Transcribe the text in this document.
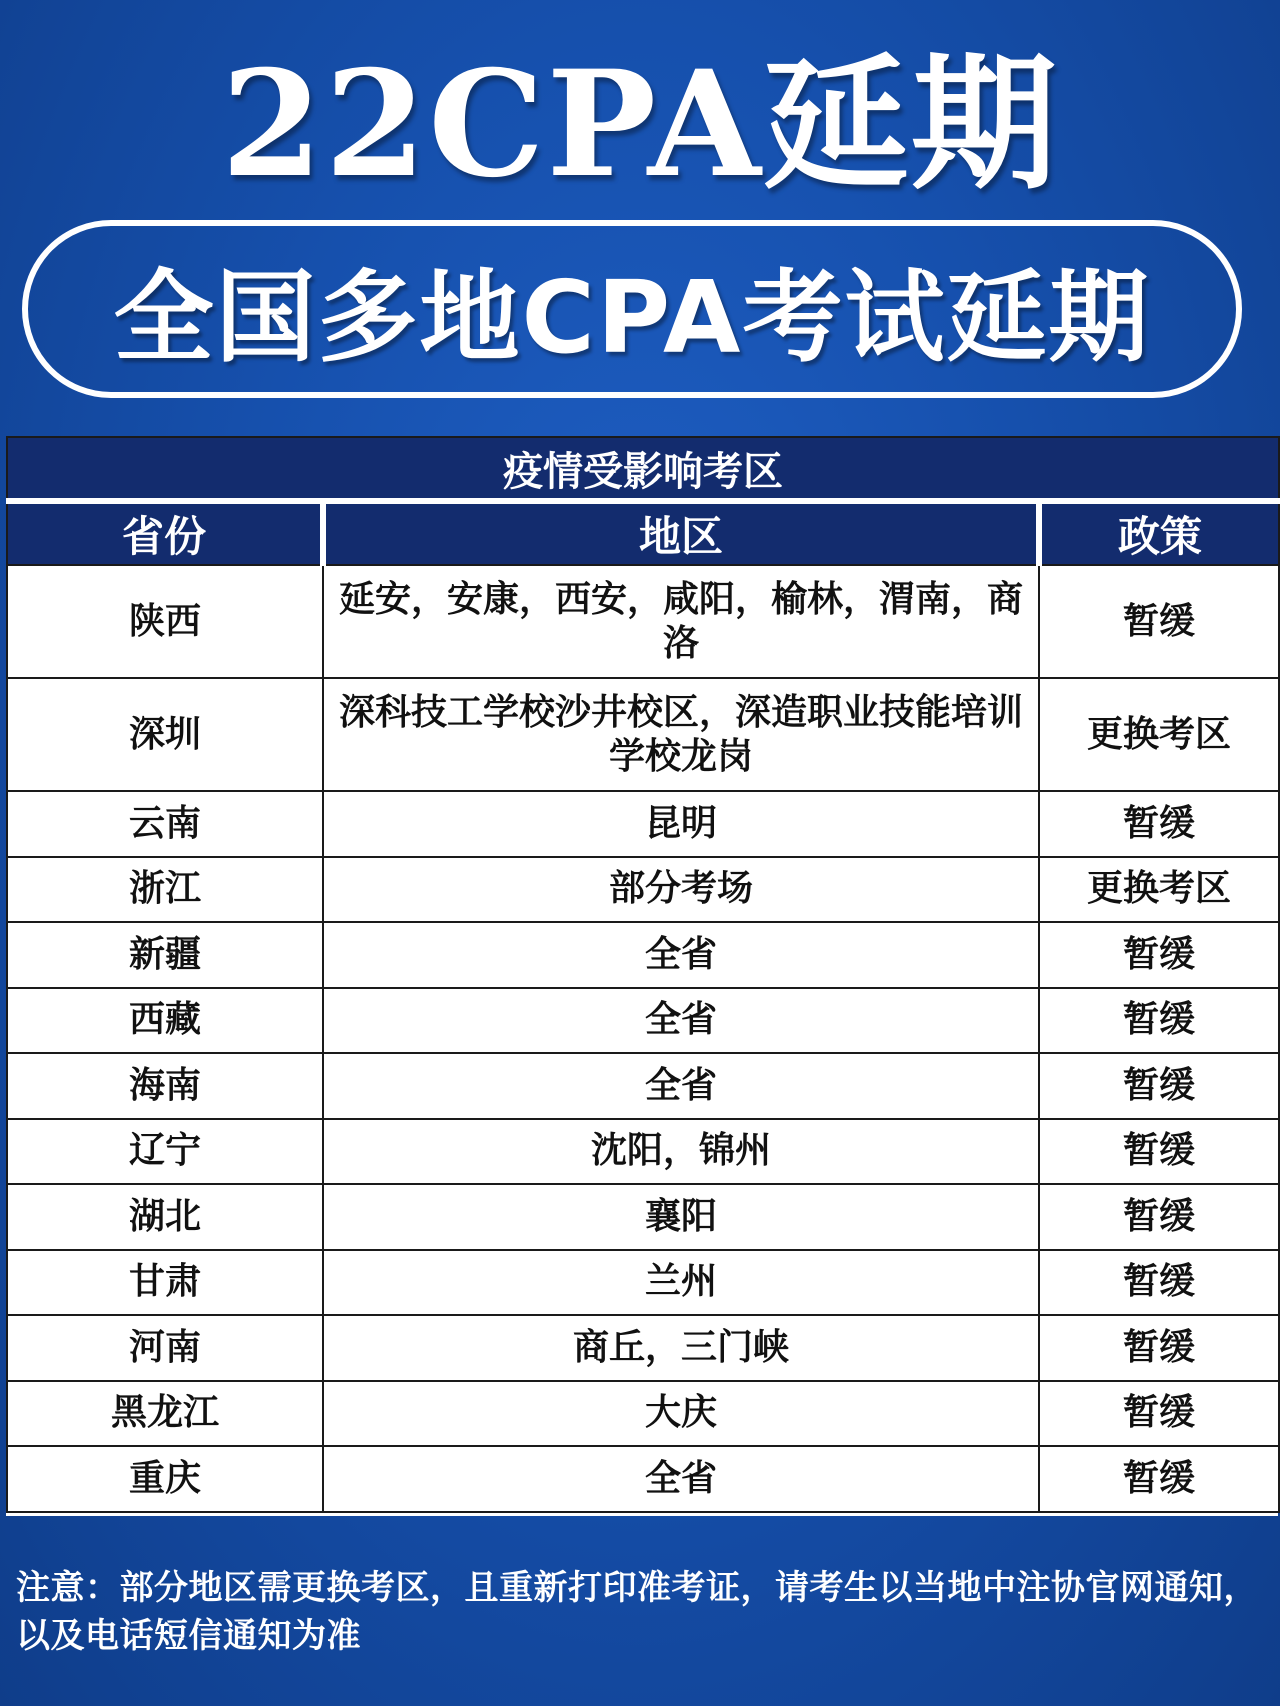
22CPA延期
全国多地CPA考试延期
疫情受影响考区		
省份	地区	政策
陕西	延安，安康，西安，咸阳，榆林，渭南，商洛	暂缓
深圳	深科技工学校沙井校区，深造职业技能培训学校龙岗	更换考区
云南	昆明	暂缓
浙江	部分考场	更换考区
新疆	全省	暂缓
西藏	全省	暂缓
海南	全省	暂缓
辽宁	沈阳，锦州	暂缓
湖北	襄阳	暂缓
甘肃	兰州	暂缓
河南	商丘，三门峡	暂缓
黑龙江	大庆	暂缓
重庆	全省	暂缓
注意：部分地区需更换考区，且重新打印准考证，请考生以当地中注协官网通知，以及电话短信通知为准
